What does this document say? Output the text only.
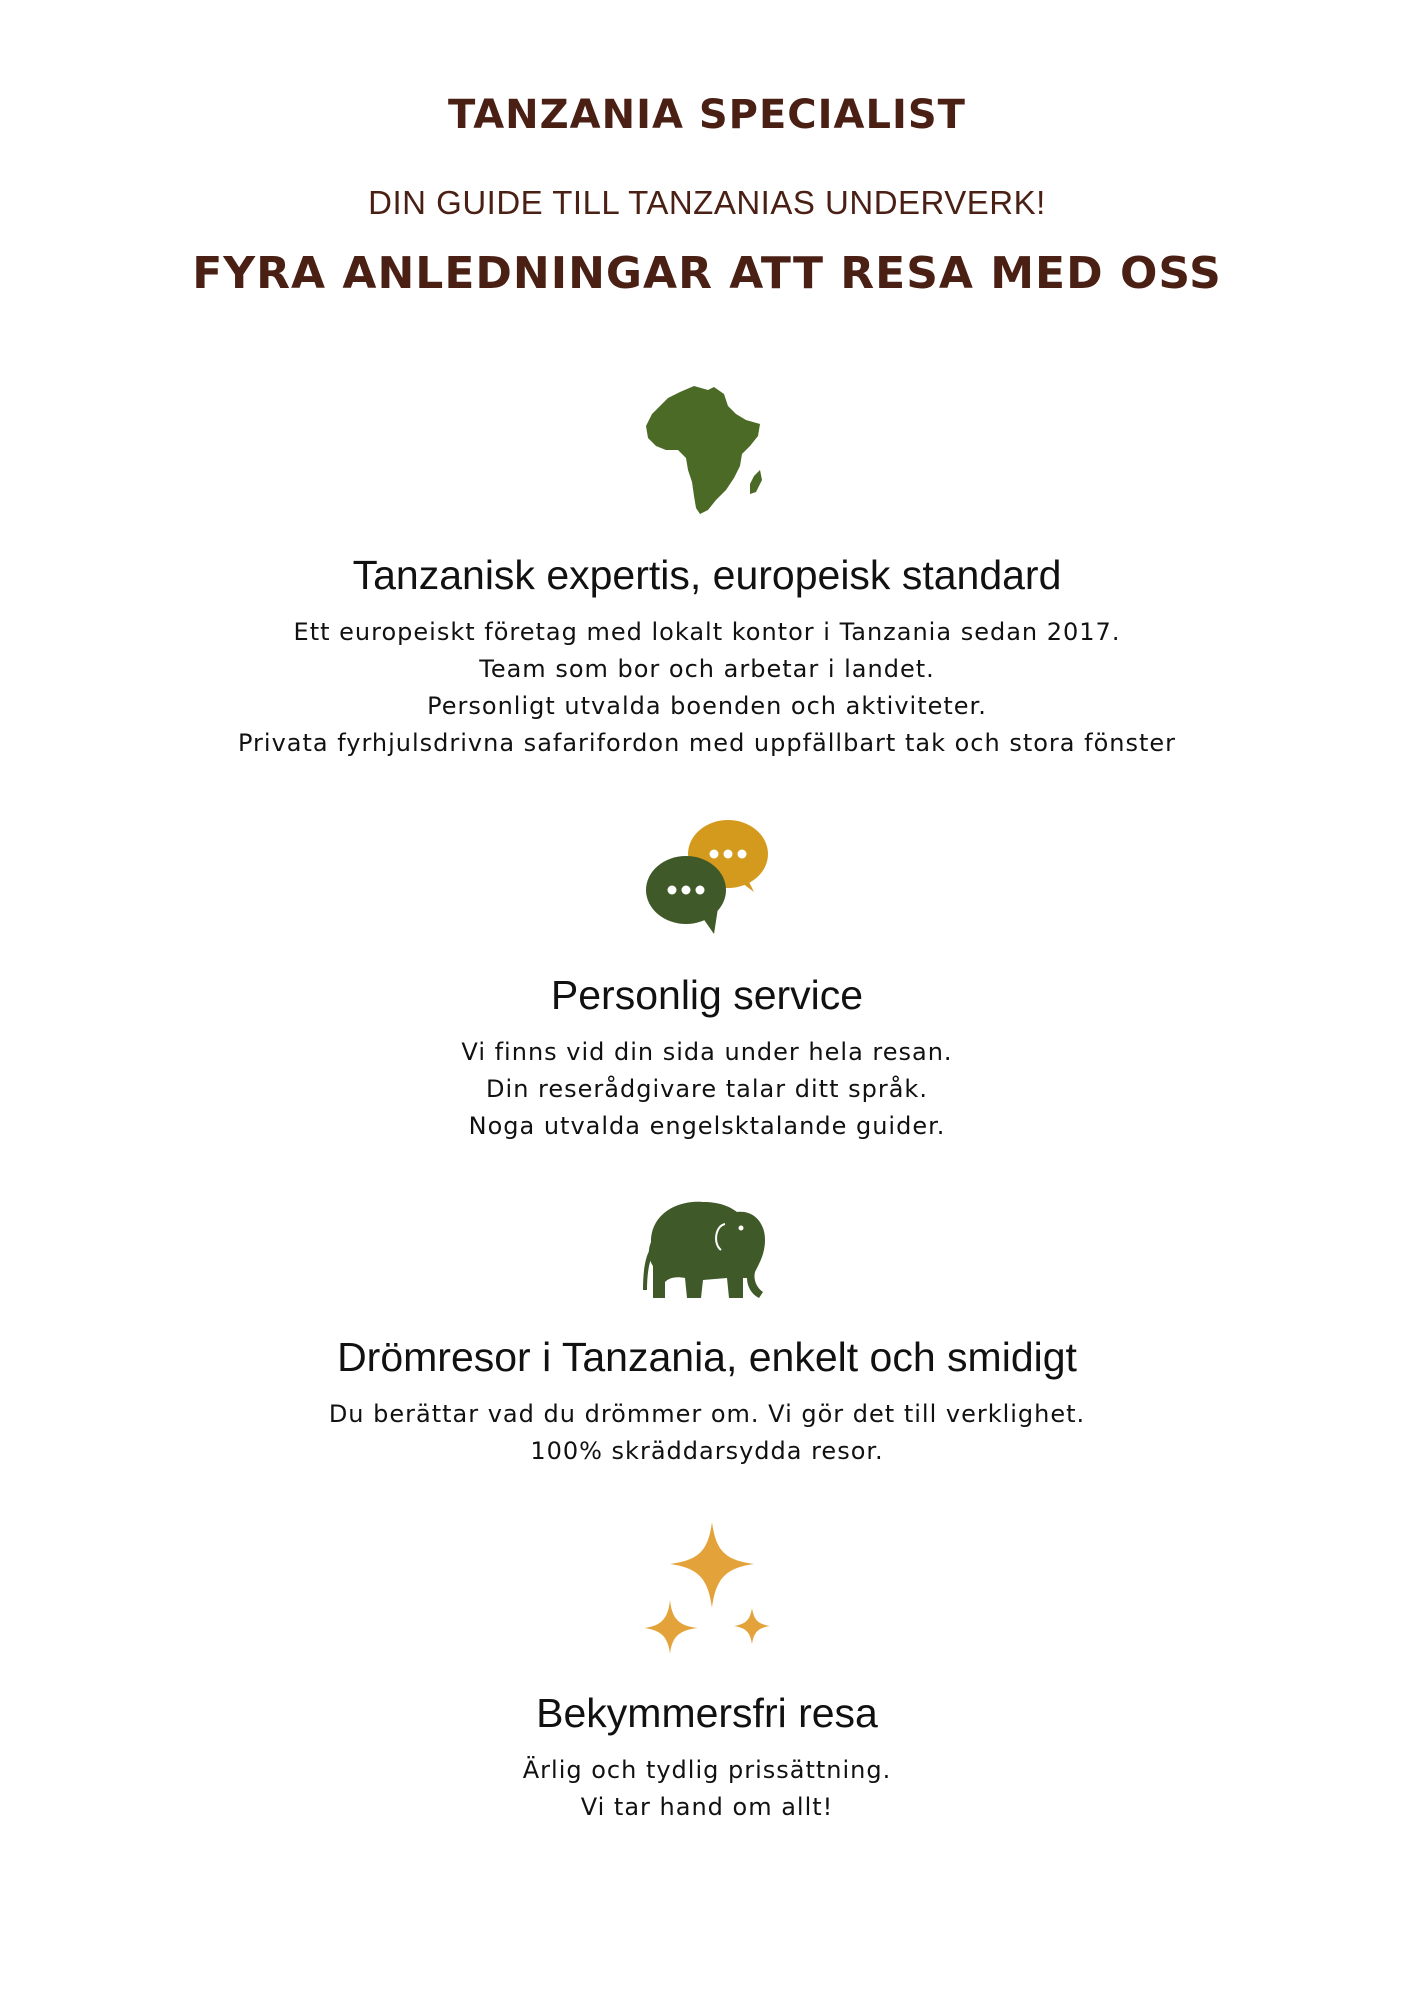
TANZANIA SPECIALIST
DIN GUIDE TILL TANZANIAS UNDERVERK!
FYRA ANLEDNINGAR ATT RESA MED OSS
Tanzanisk expertis, europeisk standard
Ett europeiskt företag med lokalt kontor i Tanzania sedan 2017.
Team som bor och arbetar i landet.
Personligt utvalda boenden och aktiviteter.
Privata fyrhjulsdrivna safarifordon med uppfällbart tak och stora fönster
Personlig service
Vi finns vid din sida under hela resan.
Din reserådgivare talar ditt språk.
Noga utvalda engelsktalande guider.
Drömresor i Tanzania, enkelt och smidigt
Du berättar vad du drömmer om. Vi gör det till verklighet.
100% skräddarsydda resor.
Bekymmersfri resa
Ärlig och tydlig prissättning.
Vi tar hand om allt!
